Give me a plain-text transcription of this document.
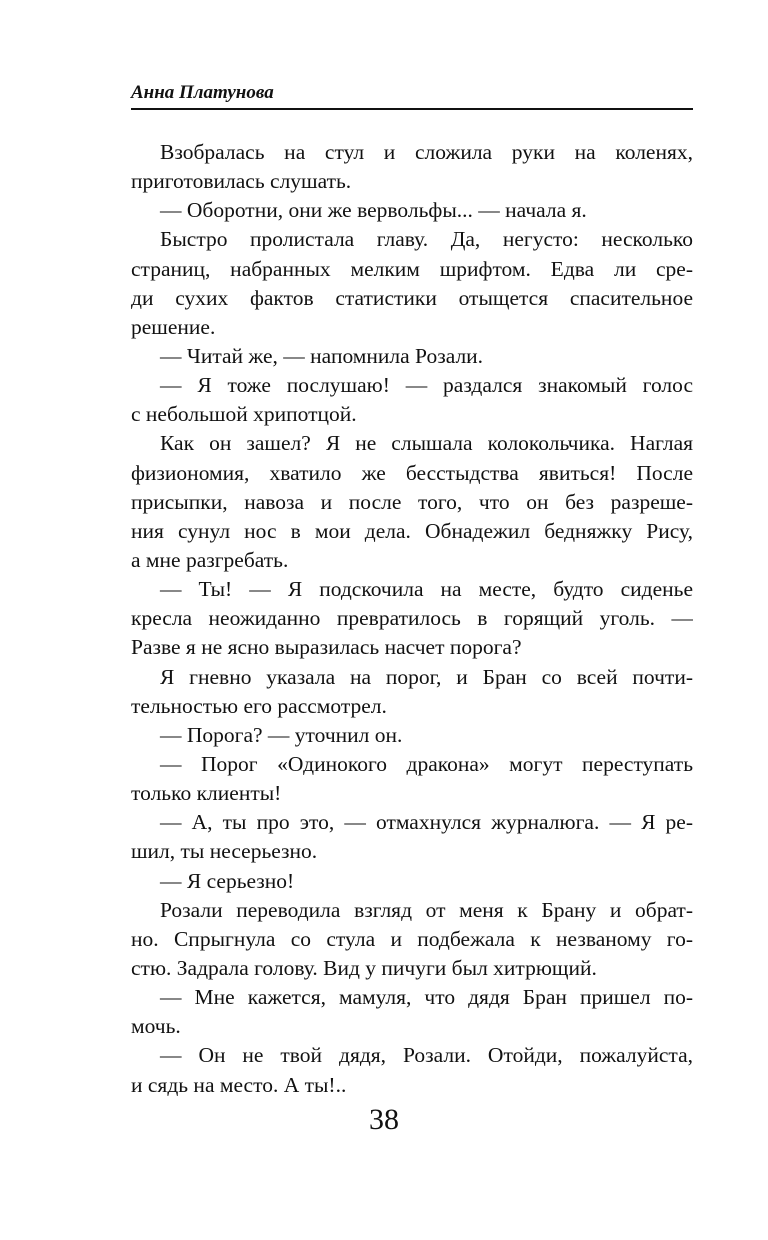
Анна Платунова
Взобралась на стул и сложила руки на коленях,
приготовилась слушать.
— Оборотни, они же вервольфы... — начала я.
Быстро пролистала главу. Да, негусто: несколько
страниц, набранных мелким шрифтом. Едва ли сре-
ди сухих фактов статистики отыщется спасительное
решение.
— Читай же, — напомнила Розали.
— Я тоже послушаю! — раздался знакомый голос
с небольшой хрипотцой.
Как он зашел? Я не слышала колокольчика. Наглая
физиономия, хватило же бесстыдства явиться! После
присыпки, навоза и после того, что он без разреше-
ния сунул нос в мои дела. Обнадежил бедняжку Рису,
а мне разгребать.
— Ты! — Я подскочила на месте, будто сиденье
кресла неожиданно превратилось в горящий уголь. —
Разве я не ясно выразилась насчет порога?
Я гневно указала на порог, и Бран со всей почти-
тельностью его рассмотрел.
— Порога? — уточнил он.
— Порог «Одинокого дракона» могут переступать
только клиенты!
— А, ты про это, — отмахнулся журналюга. — Я ре-
шил, ты несерьезно.
— Я серьезно!
Розали переводила взгляд от меня к Брану и обрат-
но. Спрыгнула со стула и подбежала к незваному го-
стю. Задрала голову. Вид у пичуги был хитрющий.
— Мне кажется, мамуля, что дядя Бран пришел по-
мочь.
— Он не твой дядя, Розали. Отойди, пожалуйста,
и сядь на место. А ты!..
38
